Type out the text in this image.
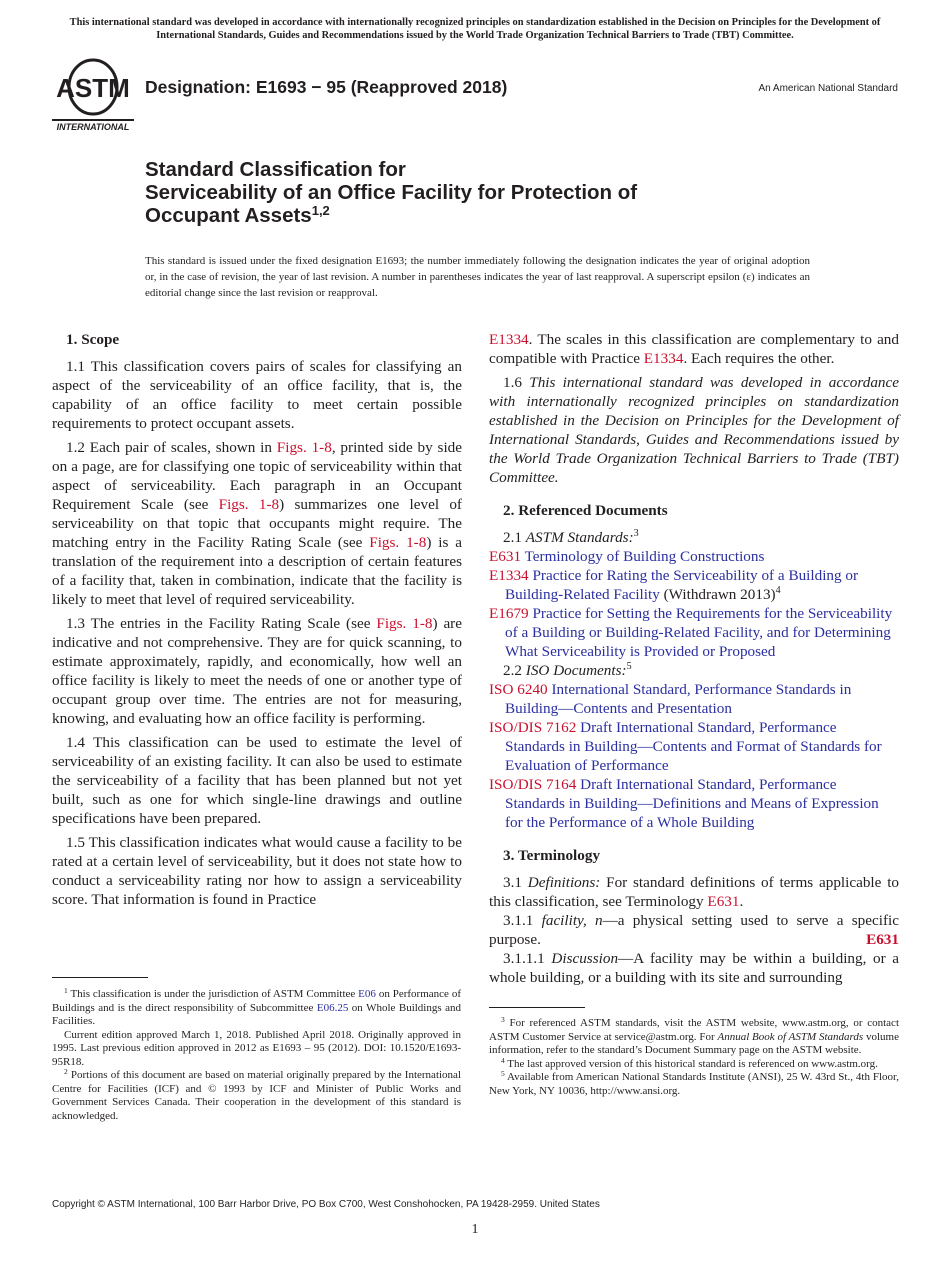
This international standard was developed in accordance with internationally recognized principles on standardization established in the Decision on Principles for the Development of International Standards, Guides and Recommendations issued by the World Trade Organization Technical Barriers to Trade (TBT) Committee.
ASTM
INTERNATIONAL
Designation: E1693 − 95 (Reapproved 2018)	An American National Standard
Standard Classification for
Serviceability of an Office Facility for Protection of
Occupant Assets$^{1,2}$
This standard is issued under the fixed designation E1693; the number immediately following the designation indicates the year of original adoption or, in the case of revision, the year of last revision. A number in parentheses indicates the year of last reapproval. A superscript epsilon (ε) indicates an editorial change since the last revision or reapproval.
1. Scope

1.1 This classification covers pairs of scales for classifying an aspect of the serviceability of an office facility, that is, the capability of an office facility to meet certain possible requirements to protect occupant assets.

1.2 Each pair of scales, shown in Figs. 1-8, printed side by side on a page, are for classifying one topic of serviceability within that aspect of serviceability. Each paragraph in an Occupant Requirement Scale (see Figs. 1-8) summarizes one level of serviceability on that topic that occupants might require. The matching entry in the Facility Rating Scale (see Figs. 1-8) is a translation of the requirement into a description of certain features of a facility that, taken in combination, indicate that the facility is likely to meet that level of required serviceability.

1.3 The entries in the Facility Rating Scale (see Figs. 1-8) are indicative and not comprehensive. They are for quick scanning, to estimate approximately, rapidly, and economically, how well an office facility is likely to meet the needs of one or another type of occupant group over time. The entries are not for measuring, knowing, and evaluating how an office facility is performing.

1.4 This classification can be used to estimate the level of serviceability of an existing facility. It can also be used to estimate the serviceability of a facility that has been planned but not yet built, such as one for which single-line drawings and outline specifications have been prepared.

1.5 This classification indicates what would cause a facility to be rated at a certain level of serviceability, but it does not state how to conduct a serviceability rating nor how to assign a serviceability score. That information is found in Practice

$^1$ This classification is under the jurisdiction of ASTM Committee E06 on Performance of Buildings and is the direct responsibility of Subcommittee E06.25 on Whole Buildings and Facilities.

Current edition approved March 1, 2018. Published April 2018. Originally approved in 1995. Last previous edition approved in 2012 as E1693 – 95 (2012). DOI: 10.1520/E1693-95R18.

$^2$ Portions of this document are based on material originally prepared by the International Centre for Facilities (ICF) and © 1993 by ICF and Minister of Public Works and Government Services Canada. Their cooperation in the development of this standard is acknowledged.

E1334. The scales in this classification are complementary to and compatible with Practice E1334. Each requires the other.

1.6 This international standard was developed in accordance with internationally recognized principles on standardization established in the Decision on Principles for the Development of International Standards, Guides and Recommendations issued by the World Trade Organization Technical Barriers to Trade (TBT) Committee.

2. Referenced Documents

2.1 ASTM Standards:$^3$

E631 Terminology of Building Constructions

E1334 Practice for Rating the Serviceability of a Building or Building-Related Facility (Withdrawn 2013)$^4$

E1679 Practice for Setting the Requirements for the Serviceability of a Building or Building-Related Facility, and for Determining What Serviceability is Provided or Proposed

2.2 ISO Documents:$^5$

ISO 6240 International Standard, Performance Standards in Building—Contents and Presentation

ISO/DIS 7162 Draft International Standard, Performance Standards in Building—Contents and Format of Standards for Evaluation of Performance

ISO/DIS 7164 Draft International Standard, Performance Standards in Building—Definitions and Means of Expression for the Performance of a Whole Building

3. Terminology

3.1 Definitions: For standard definitions of terms applicable to this classification, see Terminology E631.

3.1.1 facility, n—a physical setting used to serve a specific purpose.	E631

3.1.1.1 Discussion—A facility may be within a building, or a whole building, or a building with its site and surrounding

$^3$ For referenced ASTM standards, visit the ASTM website, www.astm.org, or contact ASTM Customer Service at service@astm.org. For Annual Book of ASTM Standards volume information, refer to the standard’s Document Summary page on the ASTM website.

$^4$ The last approved version of this historical standard is referenced on www.astm.org.

$^5$ Available from American National Standards Institute (ANSI), 25 W. 43rd St., 4th Floor, New York, NY 10036, http://www.ansi.org.

Copyright © ASTM International, 100 Barr Harbor Drive, PO Box C700, West Conshohocken, PA 19428-2959. United States
1
